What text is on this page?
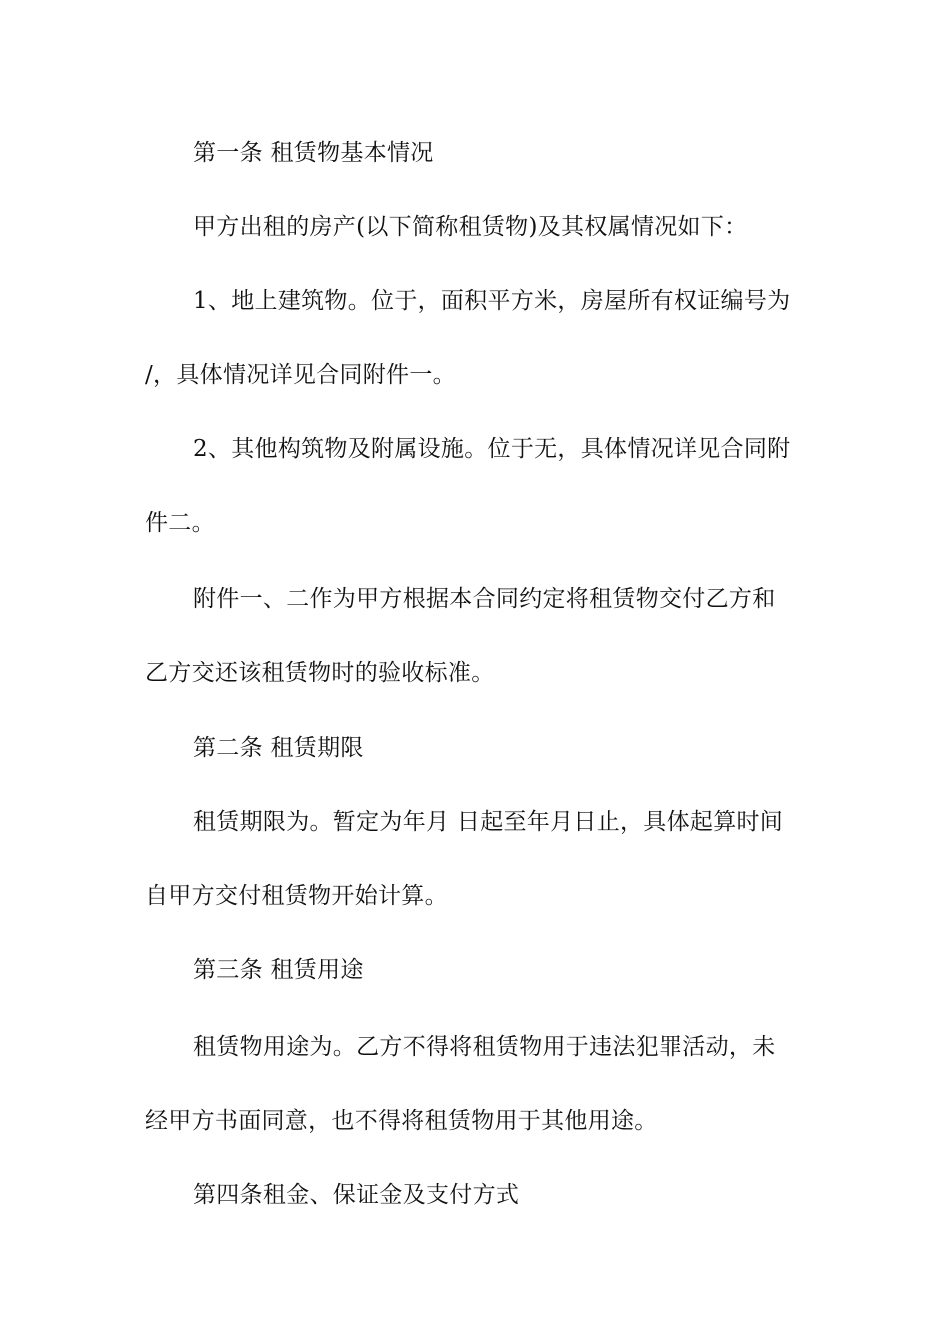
第一条 租赁物基本情况
甲方出租的房产(以下简称租赁物)及其权属情况如下：
1、地上建筑物。位于，面积平方米，房屋所有权证编号为
/，具体情况详见合同附件一。
2、其他构筑物及附属设施。位于无，具体情况详见合同附
件二。
附件一、二作为甲方根据本合同约定将租赁物交付乙方和
乙方交还该租赁物时的验收标准。
第二条 租赁期限
租赁期限为。暂定为年月 日起至年月日止，具体起算时间
自甲方交付租赁物开始计算。
第三条 租赁用途
租赁物用途为。乙方不得将租赁物用于违法犯罪活动，未
经甲方书面同意，也不得将租赁物用于其他用途。
第四条租金、保证金及支付方式
